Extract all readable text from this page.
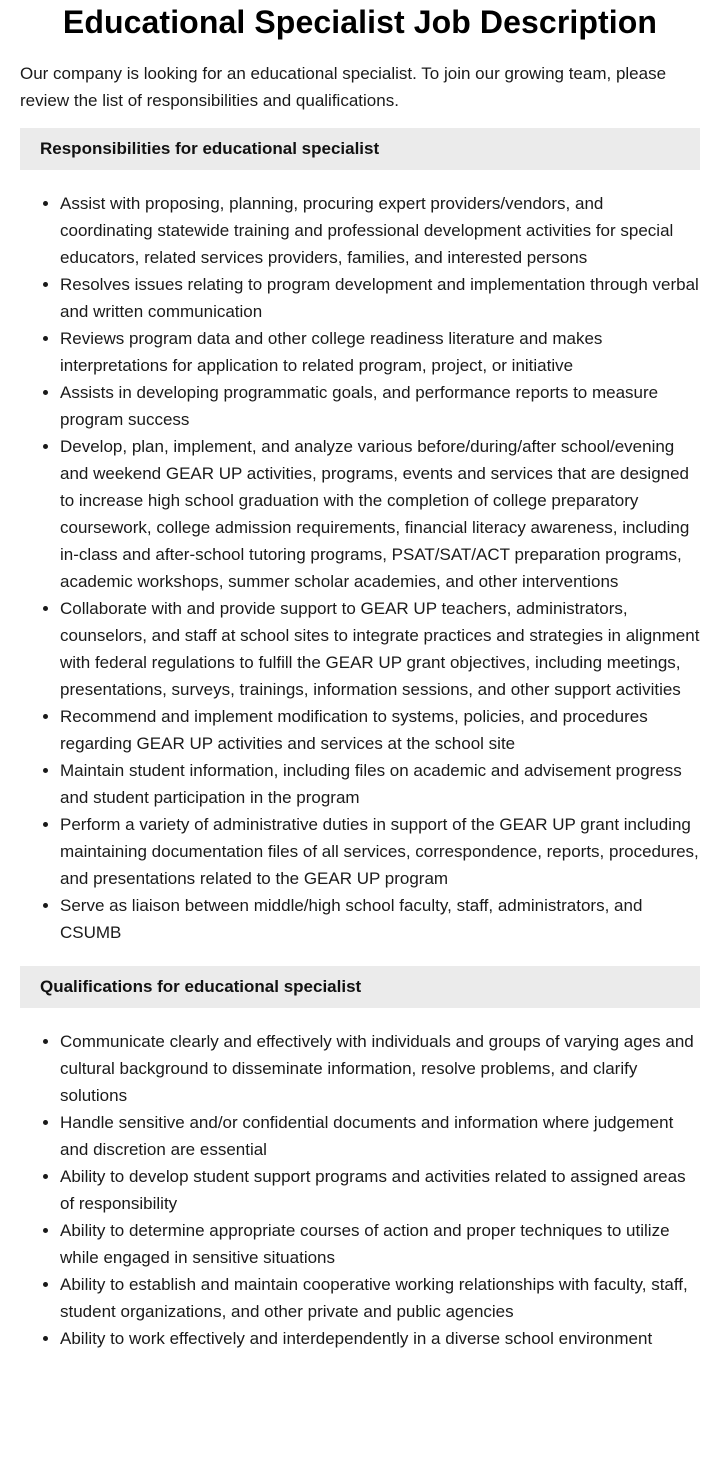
Educational Specialist Job Description

Our company is looking for an educational specialist. To join our growing team, please review the list of responsibilities and qualifications.

Responsibilities for educational specialist
• Assist with proposing, planning, procuring expert providers/vendors, and coordinating statewide training and professional development activities for special educators, related services providers, families, and interested persons
• Resolves issues relating to program development and implementation through verbal and written communication
• Reviews program data and other college readiness literature and makes interpretations for application to related program, project, or initiative
• Assists in developing programmatic goals, and performance reports to measure program success
• Develop, plan, implement, and analyze various before/during/after school/evening and weekend GEAR UP activities, programs, events and services that are designed to increase high school graduation with the completion of college preparatory coursework, college admission requirements, financial literacy awareness, including in-class and after-school tutoring programs, PSAT/SAT/ACT preparation programs, academic workshops, summer scholar academies, and other interventions
• Collaborate with and provide support to GEAR UP teachers, administrators, counselors, and staff at school sites to integrate practices and strategies in alignment with federal regulations to fulfill the GEAR UP grant objectives, including meetings, presentations, surveys, trainings, information sessions, and other support activities
• Recommend and implement modification to systems, policies, and procedures regarding GEAR UP activities and services at the school site
• Maintain student information, including files on academic and advisement progress and student participation in the program
• Perform a variety of administrative duties in support of the GEAR UP grant including maintaining documentation files of all services, correspondence, reports, procedures, and presentations related to the GEAR UP program
• Serve as liaison between middle/high school faculty, staff, administrators, and CSUMB
Qualifications for educational specialist
• Communicate clearly and effectively with individuals and groups of varying ages and cultural background to disseminate information, resolve problems, and clarify solutions
• Handle sensitive and/or confidential documents and information where judgement and discretion are essential
• Ability to develop student support programs and activities related to assigned areas of responsibility
• Ability to determine appropriate courses of action and proper techniques to utilize while engaged in sensitive situations
• Ability to establish and maintain cooperative working relationships with faculty, staff, student organizations, and other private and public agencies
• Ability to work effectively and interdependently in a diverse school environment
